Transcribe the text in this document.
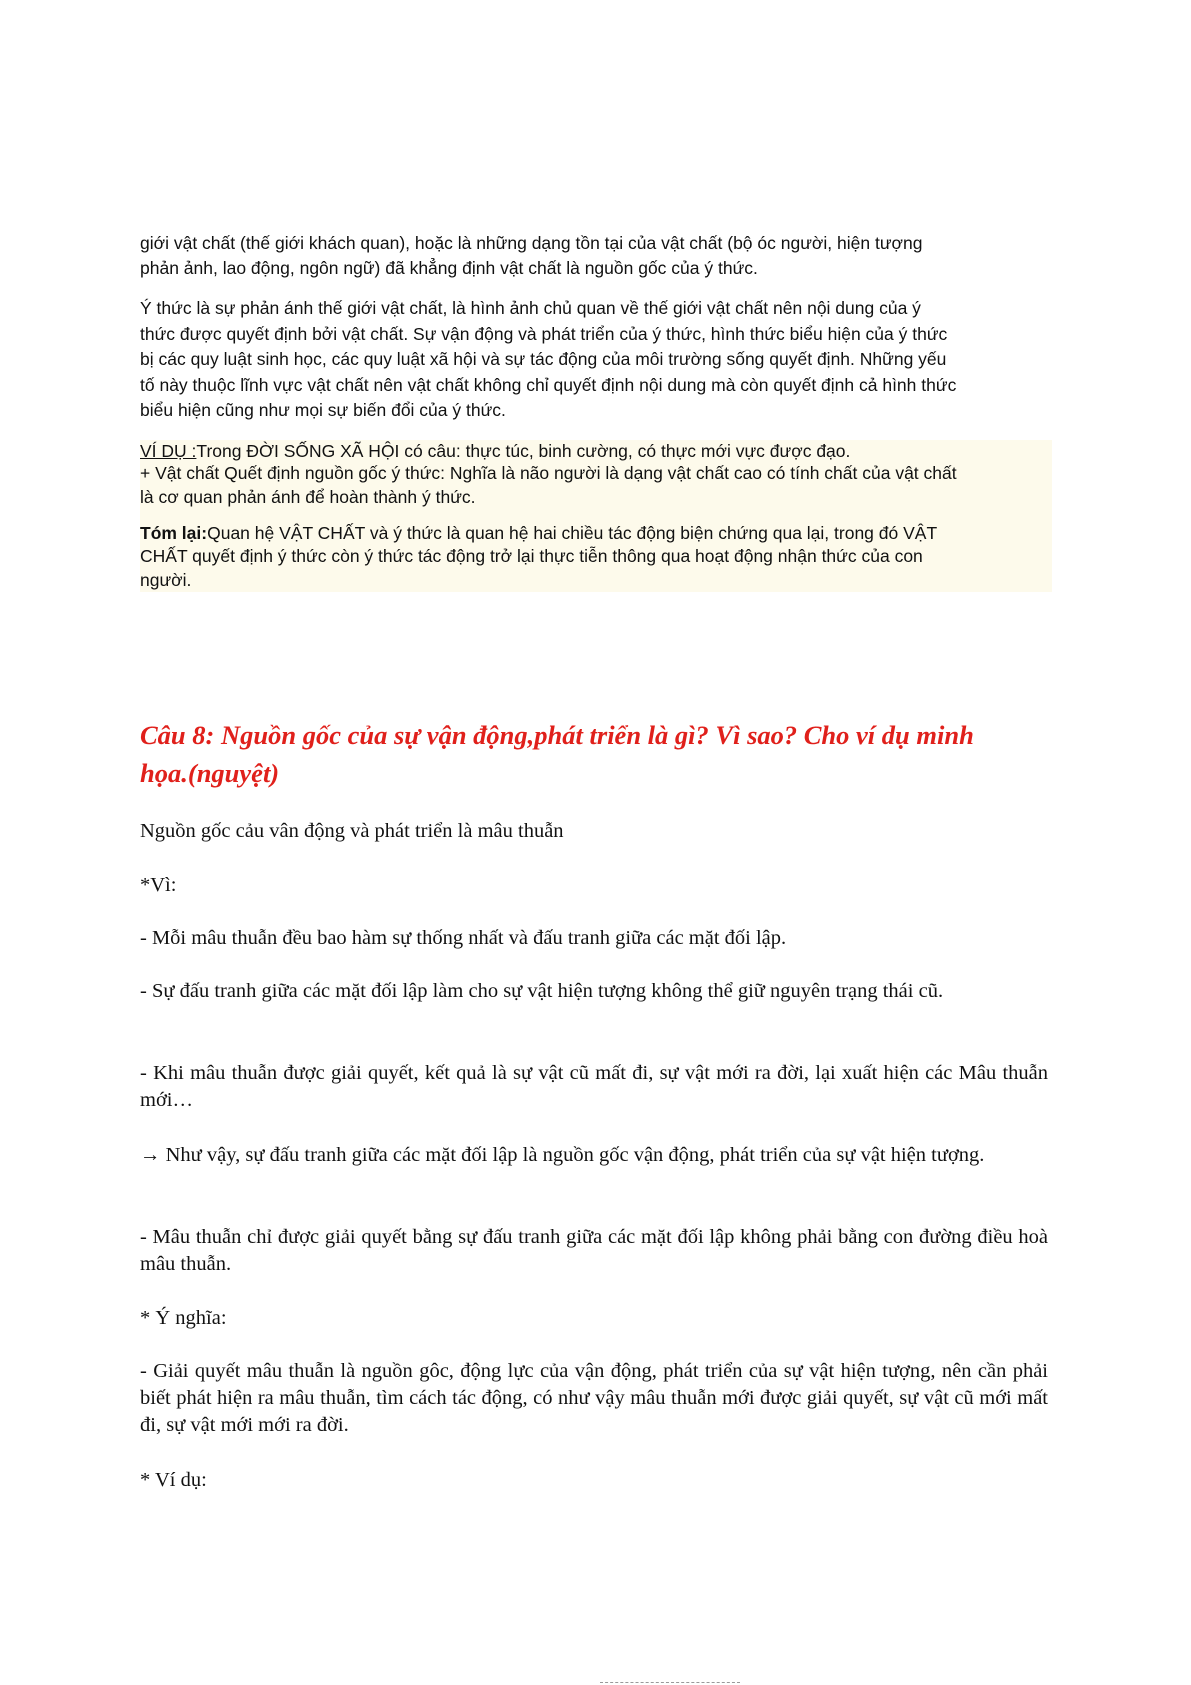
giới vật chất (thế giới khách quan), hoặc là những dạng tồn tại của vật chất (bộ óc người, hiện tượng
phản ảnh, lao động, ngôn ngữ) đã khẳng định vật chất là nguồn gốc của ý thức.
Ý thức là sự phản ánh thế giới vật chất, là hình ảnh chủ quan về thế giới vật chất nên nội dung của ý
thức được quyết định bởi vật chất. Sự vận động và phát triển của ý thức, hình thức biểu hiện của ý thức
bị các quy luật sinh học, các quy luật xã hội và sự tác động của môi trường sống quyết định. Những yếu
tố này thuộc lĩnh vực vật chất nên vật chất không chỉ quyết định nội dung mà còn quyết định cả hình thức
biểu hiện cũng như mọi sự biến đổi của ý thức.

VÍ DỤ :Trong ĐỜI SỐNG XÃ HỘI có câu: thực túc, binh cường, có thực mới vực được đạo.

+ Vật chất Quết định nguồn gốc ý thức: Nghĩa là não người là dạng vật chất cao có tính chất của vật chất

là cơ quan phản ánh để hoàn thành ý thức.

Tóm lại:Quan hệ VẬT CHẤT và ý thức là quan hệ hai chiều tác động biện chứng qua lại, trong đó VẬT

CHẤT quyết định ý thức còn ý thức tác động trở lại thực tiễn thông qua hoạt động nhận thức của con

người.

Câu 8: Nguồn gốc của sự vận động,phát triển là gì? Vì sao? Cho ví dụ minh
họa.(nguyệt)

Nguồn gốc cảu vân động và phát triển là mâu thuẫn

*Vì:

- Mỗi mâu thuẫn đều bao hàm sự thống nhất và đấu tranh giữa các mặt đối lập.

- Sự đấu tranh giữa các mặt đối lập làm cho sự vật hiện tượng không thể giữ nguyên trạng thái cũ.

- Khi mâu thuẫn được giải quyết, kết quả là sự vật cũ mất đi, sự vật mới ra đời, lại xuất hiện các Mâu thuẫn mới…

→ Như vậy, sự đấu tranh giữa các mặt đối lập là nguồn gốc vận động, phát triển của sự vật hiện tượng.

- Mâu thuẫn chỉ được giải quyết bằng sự đấu tranh giữa các mặt đối lập không phải bằng con đường điều hoà mâu thuẫn.

* Ý nghĩa:

- Giải quyết mâu thuẫn là nguồn gôc, động lực của vận động, phát triển của sự vật hiện tượng, nên cần phải biết phát hiện ra mâu thuẫn, tìm cách tác động, có như vậy mâu thuẫn mới được giải quyết, sự vật cũ mới mất đi, sự vật mới mới ra đời.

* Ví dụ:
